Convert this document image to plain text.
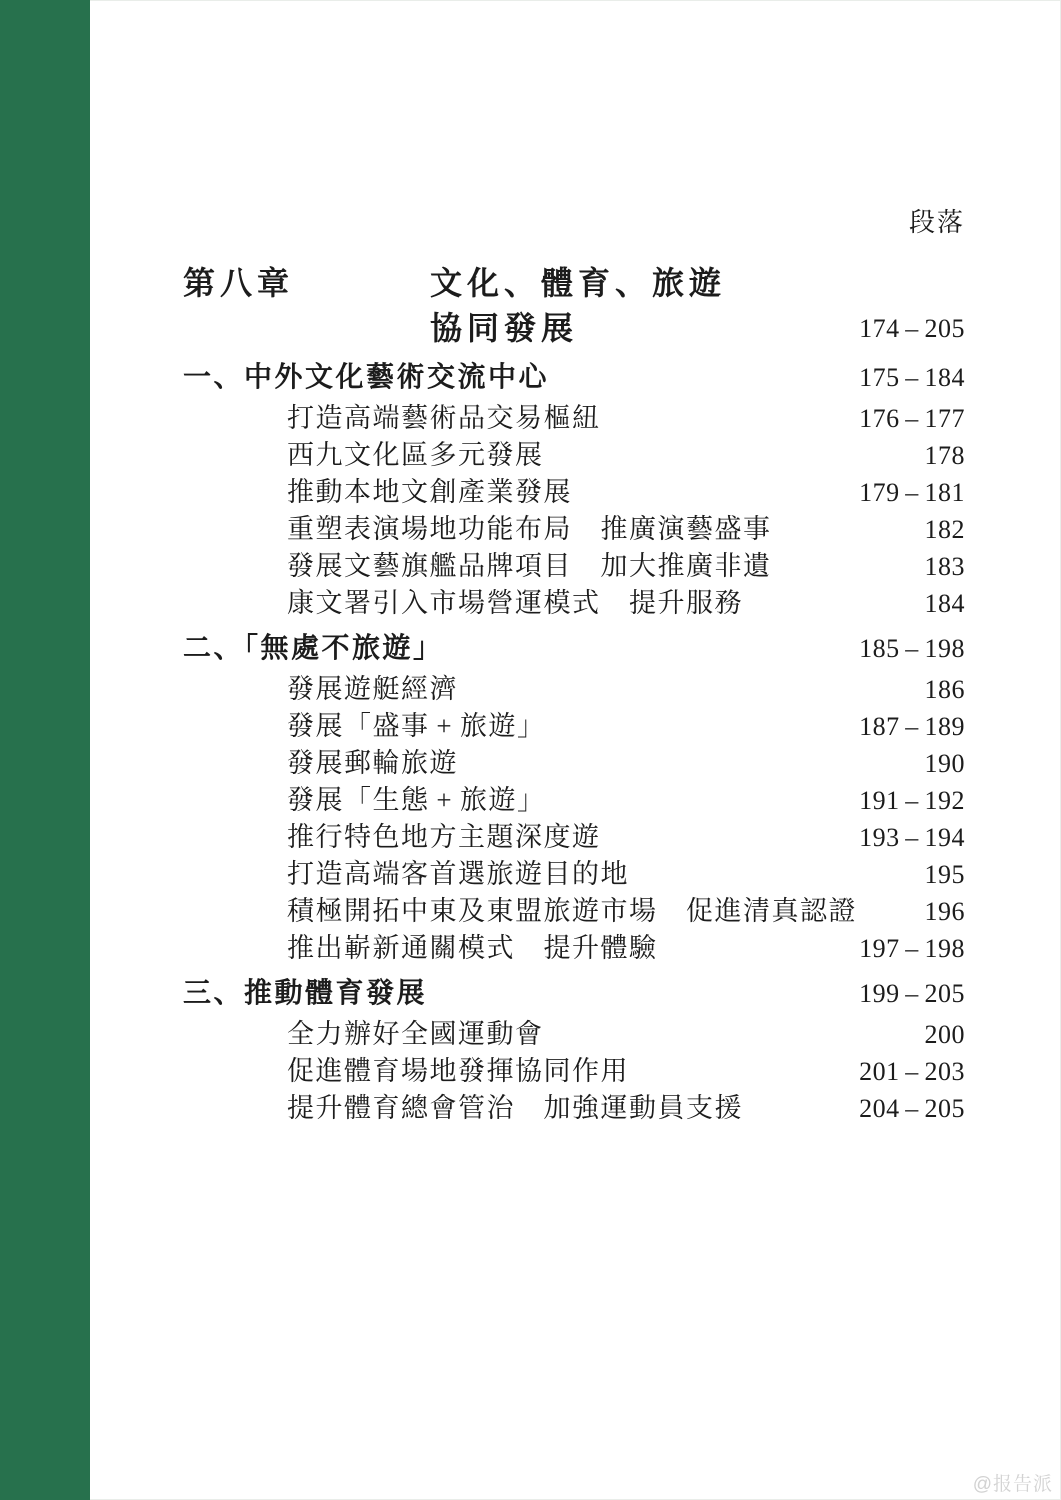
段落
第八章	文化、體育、旅遊
協同發展	174 – 205
一、中外文化藝術交流中心	175 – 184
打造高端藝術品交易樞紐	176 – 177
西九文化區多元發展	178
推動本地文創產業發展	179 – 181
重塑表演場地功能布局　推廣演藝盛事	182
發展文藝旗艦品牌項目　加大推廣非遺	183
康文署引入市場營運模式　提升服務	184
二、「無處不旅遊」	185 – 198
發展遊艇經濟	186
發展「盛事 + 旅遊」	187 – 189
發展郵輪旅遊	190
發展「生態 + 旅遊」	191 – 192
推行特色地方主題深度遊	193 – 194
打造高端客首選旅遊目的地	195
積極開拓中東及東盟旅遊市場　促進清真認證	196
推出嶄新通關模式　提升體驗	197 – 198
三、推動體育發展	199 – 205
全力辦好全國運動會	200
促進體育場地發揮協同作用	201 – 203
提升體育總會管治　加強運動員支援	204 – 205
@报告派
